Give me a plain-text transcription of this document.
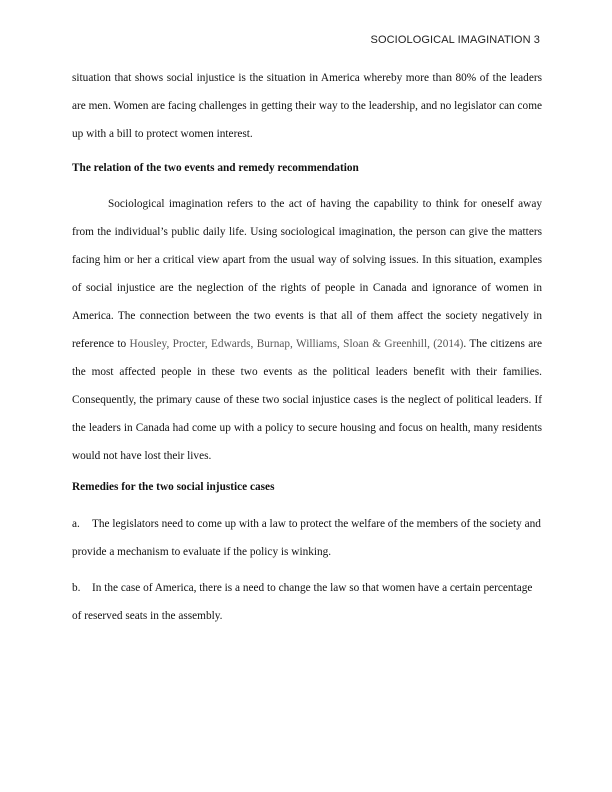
SOCIOLOGICAL IMAGINATION 3

situation that shows social injustice is the situation in America whereby more than 80% of the leaders are men. Women are facing challenges in getting their way to the leadership, and no legislator can come up with a bill to protect women interest.

The relation of the two events and remedy recommendation

Sociological imagination refers to the act of having the capability to think for oneself away from the individual’s public daily life. Using sociological imagination, the person can give the matters facing him or her a critical view apart from the usual way of solving issues. In this situation, examples of social injustice are the neglection of the rights of people in Canada and ignorance of women in America. The connection between the two events is that all of them affect the society negatively in reference to Housley, Procter, Edwards, Burnap, Williams, Sloan & Greenhill, (2014). The citizens are the most affected people in these two events as the political leaders benefit with their families. Consequently, the primary cause of these two social injustice cases is the neglect of political leaders. If the leaders in Canada had come up with a policy to secure housing and focus on health, many residents would not have lost their lives.

Remedies for the two social injustice cases

a. The legislators need to come up with a law to protect the welfare of the members of the society and provide a mechanism to evaluate if the policy is winking.

b. In the case of America, there is a need to change the law so that women have a certain percentage of reserved seats in the assembly.
